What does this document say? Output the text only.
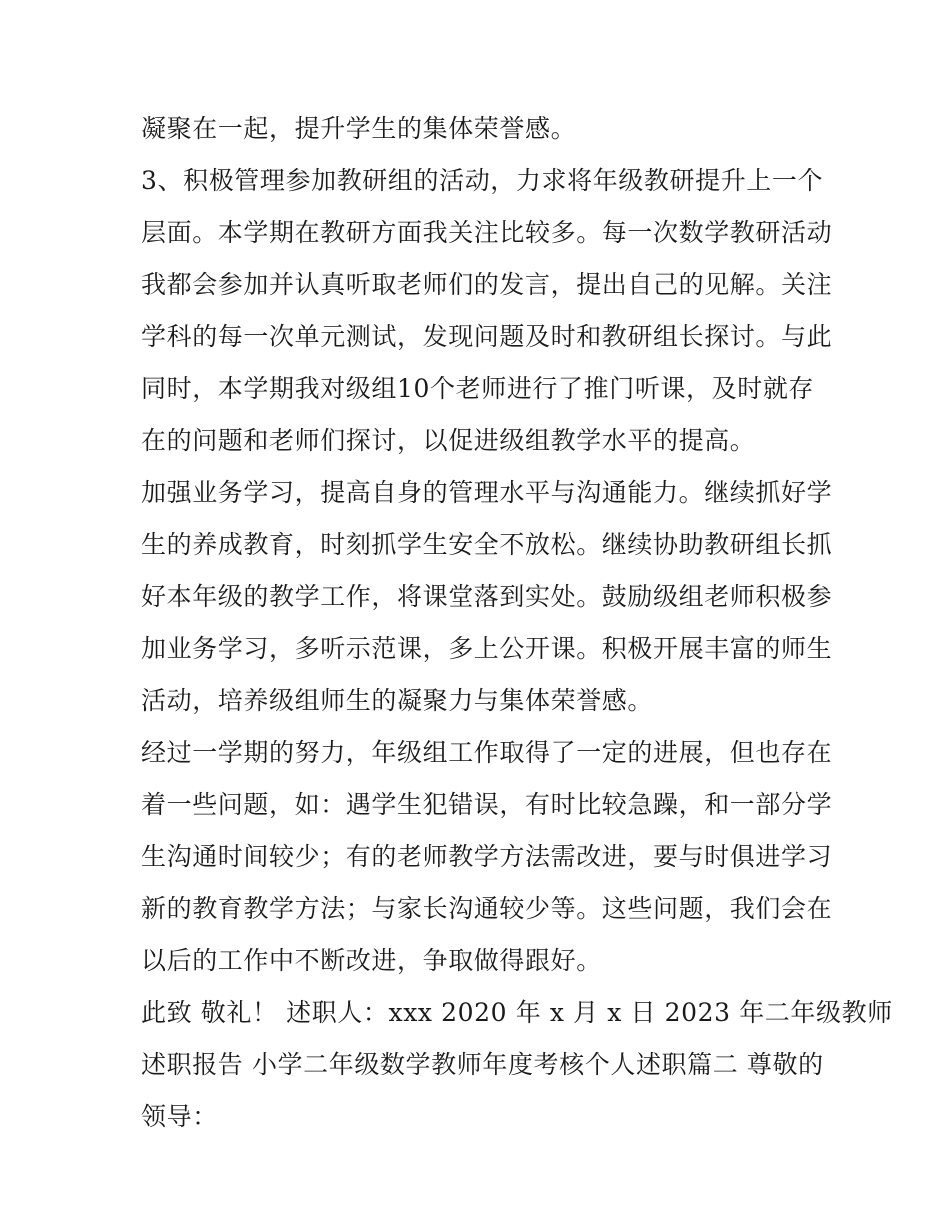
凝聚在一起，提升学生的集体荣誉感。
3、积极管理参加教研组的活动，力求将年级教研提升上一个
层面。本学期在教研方面我关注比较多。每一次数学教研活动
我都会参加并认真听取老师们的发言，提出自己的见解。关注
学科的每一次单元测试，发现问题及时和教研组长探讨。与此
同时，本学期我对级组10个老师进行了推门听课，及时就存
在的问题和老师们探讨，以促进级组教学水平的提高。
加强业务学习，提高自身的管理水平与沟通能力。继续抓好学
生的养成教育，时刻抓学生安全不放松。继续协助教研组长抓
好本年级的教学工作，将课堂落到实处。鼓励级组老师积极参
加业务学习，多听示范课，多上公开课。积极开展丰富的师生
活动，培养级组师生的凝聚力与集体荣誉感。
经过一学期的努力，年级组工作取得了一定的进展，但也存在
着一些问题，如：遇学生犯错误，有时比较急躁，和一部分学
生沟通时间较少；有的老师教学方法需改进，要与时俱进学习
新的教育教学方法；与家长沟通较少等。这些问题，我们会在
以后的工作中不断改进，争取做得跟好。
此致 敬礼！ 述职人：xxx 2020 年 x 月 x 日 2023 年二年级教师
述职报告 小学二年级数学教师年度考核个人述职篇二 尊敬的
领导：
